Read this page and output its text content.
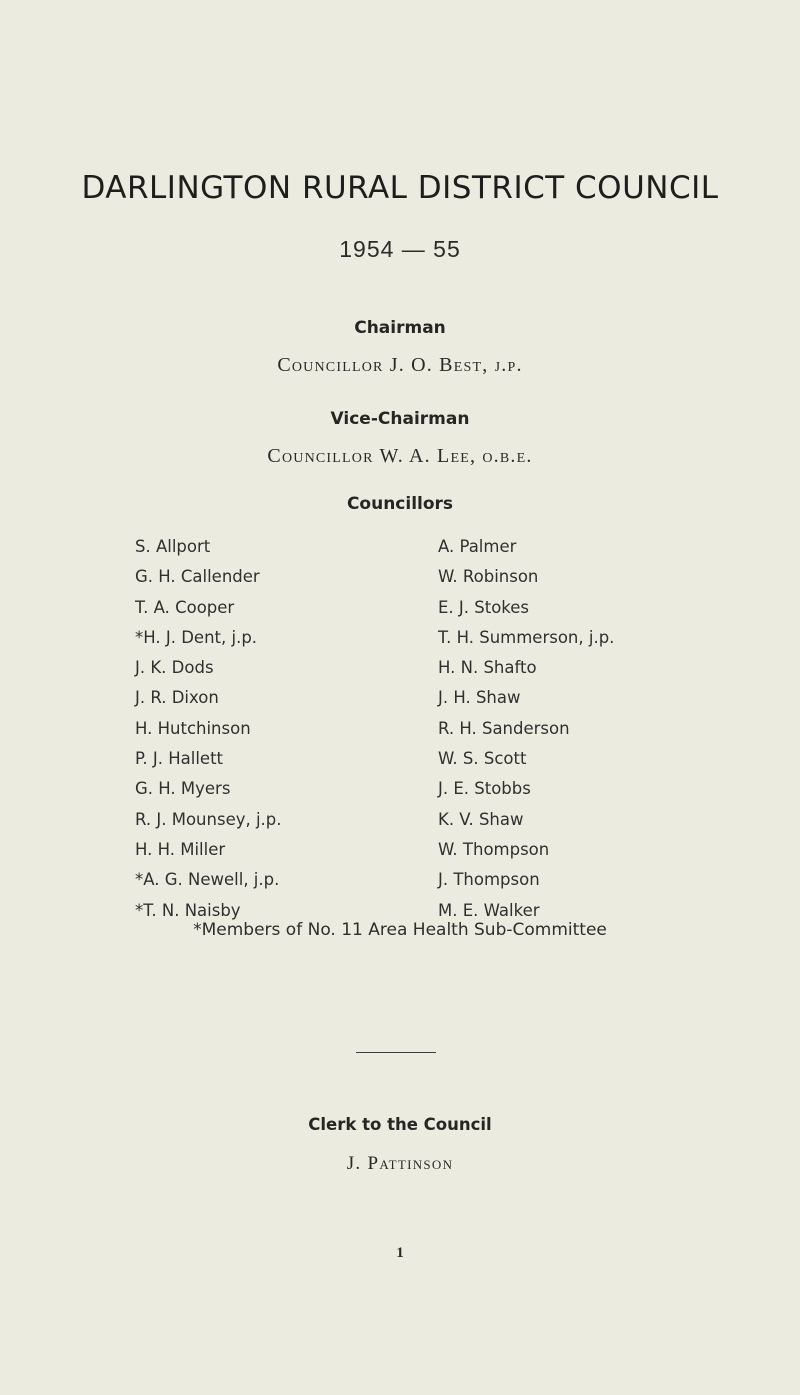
DARLINGTON RURAL DISTRICT COUNCIL
1954 — 55
Chairman
Councillor J. O. Best, j.p.
Vice-Chairman
Councillor W. A. Lee, o.b.e.
Councillors
S. Allport
G. H. Callender
T. A. Cooper
*H. J. Dent, j.p.
J. K. Dods
J. R. Dixon
H. Hutchinson
P. J. Hallett
G. H. Myers
R. J. Mounsey, j.p.
H. H. Miller
*A. G. Newell, j.p.
*T. N. Naisby
A. Palmer
W. Robinson
E. J. Stokes
T. H. Summerson, j.p.
H. N. Shafto
J. H. Shaw
R. H. Sanderson
W. S. Scott
J. E. Stobbs
K. V. Shaw
W. Thompson
J. Thompson
M. E. Walker
*Members of No. 11 Area Health Sub-Committee
Clerk to the Council
J. Pattinson
1
